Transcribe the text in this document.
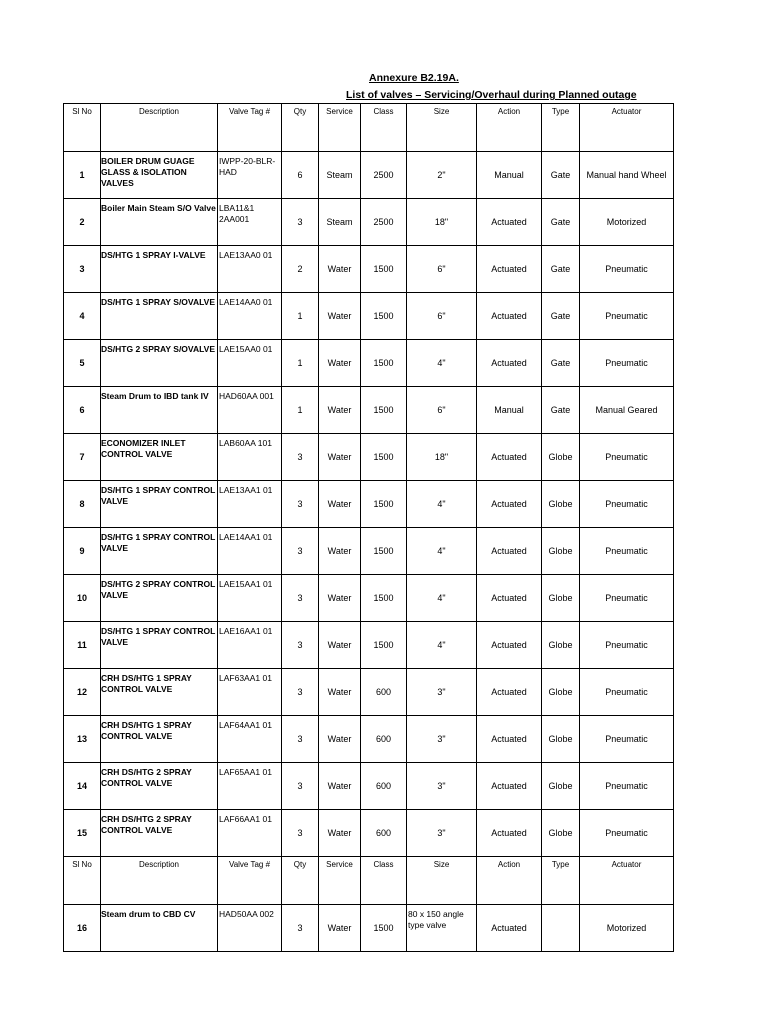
Annexure B2.19A.
List of valves – Servicing/Overhaul during Planned outage
Sl No	Description	Valve Tag #	Qty	Service	Class	Size	Action	Type	Actuator
1	BOILER DRUM GUAGE GLASS & ISOLATION VALVES	IWPP-20-BLR-HAD	6	Steam	2500	2"	Manual	Gate	Manual hand Wheel
2	Boiler Main Steam S/O Valve	LBA11&1 2AA001	3	Steam	2500	18"	Actuated	Gate	Motorized
3	DS/HTG 1 SPRAY I-VALVE	LAE13AA0 01	2	Water	1500	6"	Actuated	Gate	Pneumatic
4	DS/HTG 1 SPRAY S/OVALVE	LAE14AA0 01	1	Water	1500	6"	Actuated	Gate	Pneumatic
5	DS/HTG 2 SPRAY S/OVALVE	LAE15AA0 01	1	Water	1500	4"	Actuated	Gate	Pneumatic
6	Steam Drum to IBD tank IV	HAD60AA 001	1	Water	1500	6"	Manual	Gate	Manual Geared
7	ECONOMIZER INLET CONTROL VALVE	LAB60AA 101	3	Water	1500	18"	Actuated	Globe	Pneumatic
8	DS/HTG 1 SPRAY CONTROL VALVE	LAE13AA1 01	3	Water	1500	4"	Actuated	Globe	Pneumatic
9	DS/HTG 1 SPRAY CONTROL VALVE	LAE14AA1 01	3	Water	1500	4"	Actuated	Globe	Pneumatic
10	DS/HTG 2 SPRAY CONTROL VALVE	LAE15AA1 01	3	Water	1500	4"	Actuated	Globe	Pneumatic
11	DS/HTG 1 SPRAY CONTROL VALVE	LAE16AA1 01	3	Water	1500	4"	Actuated	Globe	Pneumatic
12	CRH DS/HTG 1 SPRAY CONTROL VALVE	LAF63AA1 01	3	Water	600	3"	Actuated	Globe	Pneumatic
13	CRH DS/HTG 1 SPRAY CONTROL VALVE	LAF64AA1 01	3	Water	600	3"	Actuated	Globe	Pneumatic
14	CRH DS/HTG 2 SPRAY CONTROL VALVE	LAF65AA1 01	3	Water	600	3"	Actuated	Globe	Pneumatic
15	CRH DS/HTG 2 SPRAY CONTROL VALVE	LAF66AA1 01	3	Water	600	3"	Actuated	Globe	Pneumatic
Sl No	Description	Valve Tag #	Qty	Service	Class	Size	Action	Type	Actuator
16	Steam drum to CBD CV	HAD50AA 002	3	Water	1500	80 x 150 angle type valve	Actuated		Motorized
